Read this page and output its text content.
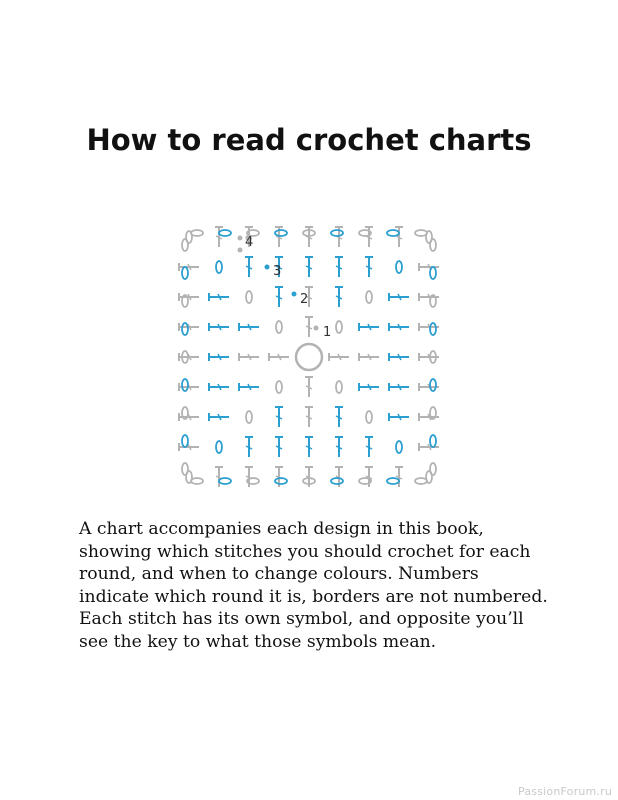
How to read crochet charts
1
2
3
4

A chart accompanies each design in this book, showing which stitches you should crochet for each round, and when to change colours. Numbers indicate which round it is, borders are not numbered. Each stitch has its own symbol, and opposite you’ll see the key to what those symbols mean.

PassionForum.ru
